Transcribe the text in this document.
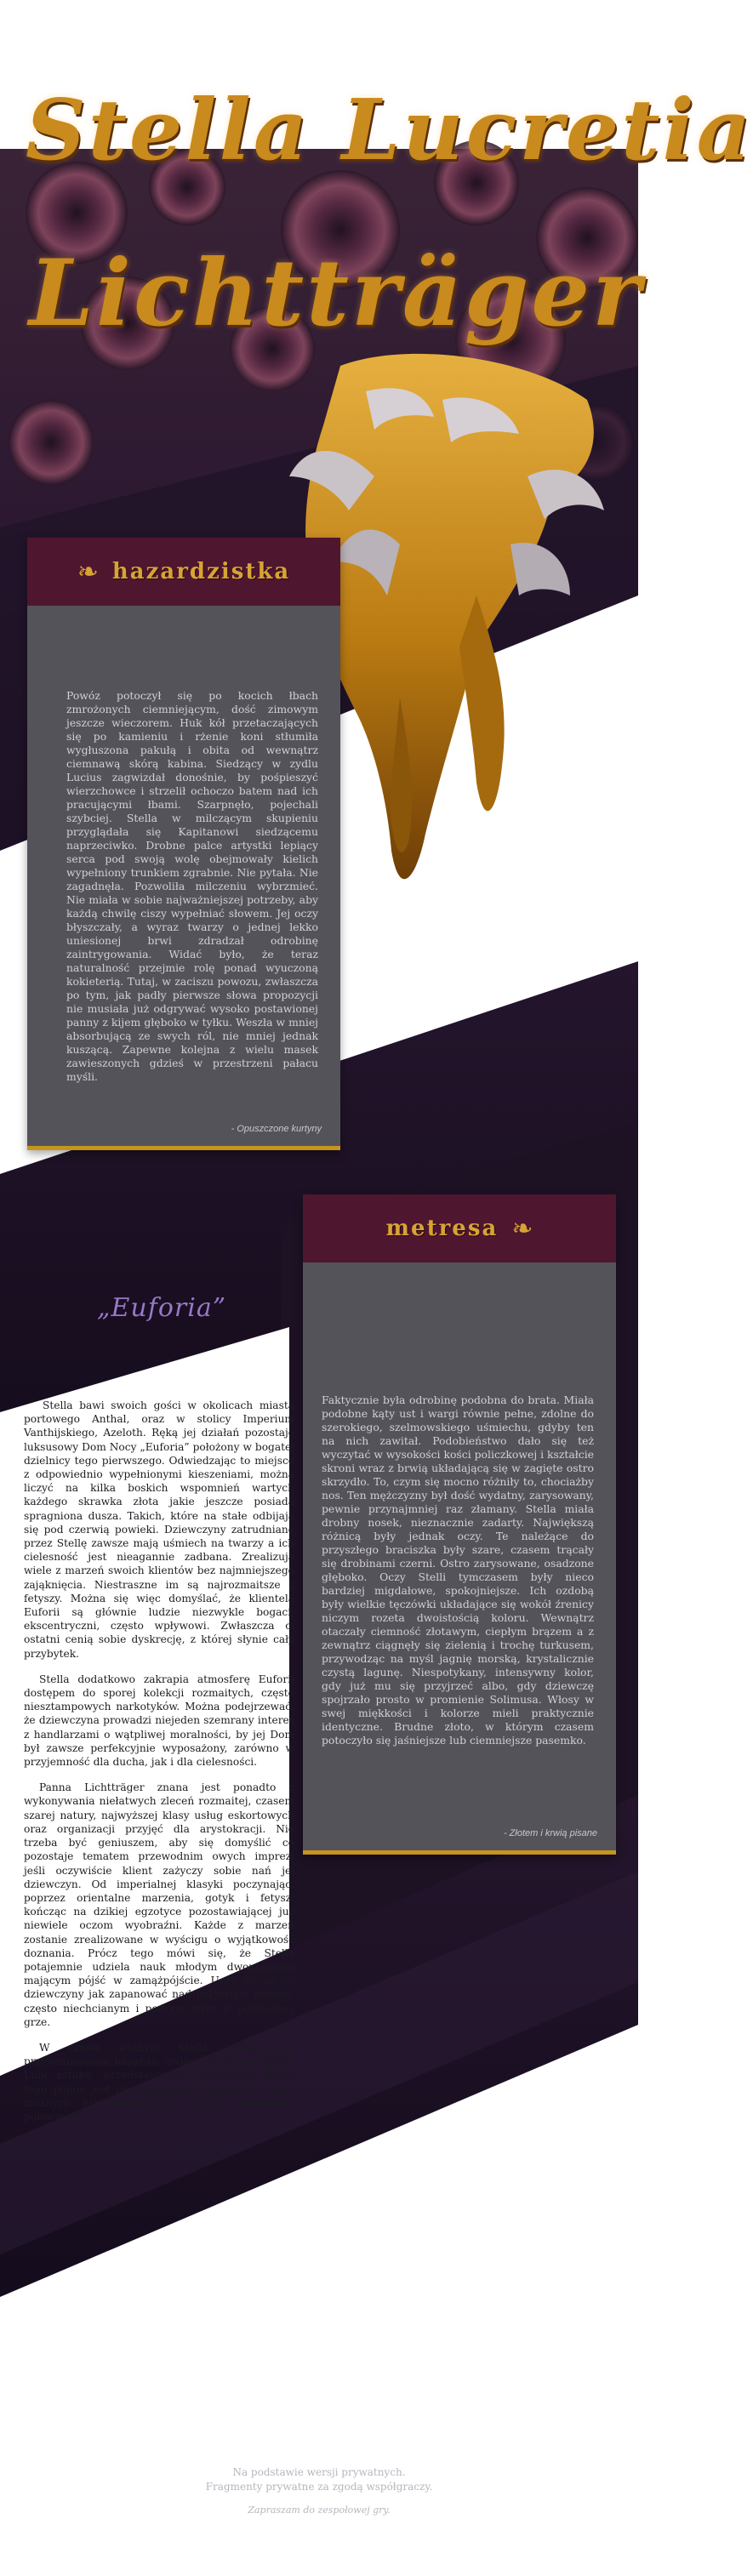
Stella Lucretia
Lichtträger
❧ hazardzistka
Powóz potoczył się po kocich łbach zmrożonych ciemniejącym, dość zimowym jeszcze wieczorem. Huk kół przetaczających się po kamieniu i rżenie koni stłumiła wygłuszona pakułą i obita od wewnątrz ciemnawą skórą kabina. Siedzący w zydlu Lucius zagwizdał donośnie, by pośpieszyć wierzchowce i strzelił ochoczo batem nad ich pracującymi łbami. Szarpnęło, pojechali szybciej. Stella w milczącym skupieniu przyglądała się Kapitanowi siedzącemu naprzeciwko. Drobne palce artystki lepiący serca pod swoją wolę obejmowały kielich wypełniony trunkiem zgrabnie. Nie pytała. Nie zagadnęła. Pozwoliła milczeniu wybrzmieć. Nie miała w sobie najważniejszej potrzeby, aby każdą chwilę ciszy wypełniać słowem. Jej oczy błyszczały, a wyraz twarzy o jednej lekko uniesionej brwi zdradzał odrobinę zaintrygowania. Widać było, że teraz naturalność przejmie rolę ponad wyuczoną kokieterią. Tutaj, w zaciszu powozu, zwłaszcza po tym, jak padły pierwsze słowa propozycji nie musiała już odgrywać wysoko postawionej panny z kijem głęboko w tyłku. Weszła w mniej absorbującą ze swych ról, nie mniej jednak kuszącą. Zapewne kolejna z wielu masek zawieszonych gdzieś w przestrzeni pałacu myśli.
- Opuszczone kurtyny
metresa ❧
Faktycznie była odrobinę podobna do brata. Miała podobne kąty ust i wargi równie pełne, zdolne do szerokiego, szelmowskiego uśmiechu, gdyby ten na nich zawitał. Podobieństwo dało się też wyczytać w wysokości kości policzkowej i kształcie skroni wraz z brwią układającą się w zagięte ostro skrzydło. To, czym się mocno różniły to, chociażby nos. Ten mężczyzny był dość wydatny, zarysowany, pewnie przynajmniej raz złamany. Stella miała drobny nosek, nieznacznie zadarty. Największą różnicą były jednak oczy. Te należące do przyszłego braciszka były szare, czasem trącały się drobinami czerni. Ostro zarysowane, osadzone głęboko. Oczy Stelli tymczasem były nieco bardziej migdałowe, spokojniejsze. Ich ozdobą były wielkie tęczówki układające się wokół źrenicy niczym rozeta dwoistością koloru. Wewnątrz otaczały ciemność złotawym, ciepłym brązem a z zewnątrz ciągnęły się zielenią i trochę turkusem, przywodząc na myśl jagnię morską, krystalicznie czystą lagunę. Niespotykany, intensywny kolor, gdy już mu się przyjrzeć albo, gdy dziewczę spojrzało prosto w promienie Solimusa. Włosy w swej miękkości i kolorze mieli praktycznie identyczne. Brudne złoto, w którym czasem potoczyło się jaśniejsze lub ciemniejsze pasemko.
- Złotem i krwią pisane
„Euforia”

Stella bawi swoich gości w okolicach miasta portowego Anthal, oraz w stolicy Imperium Vanthijskiego, Azeloth. Ręką jej działań pozostaje luksusowy Dom Nocy „Euforia” położony w bogatej dzielnicy tego pierwszego. Odwiedzając to miejsce z odpowiednio wypełnionymi kieszeniami, można liczyć na kilka boskich wspomnień wartych każdego skrawka złota jakie jeszcze posiada spragniona dusza. Takich, które na stałe odbijają się pod czerwią powieki. Dziewczyny zatrudniane przez Stellę zawsze mają uśmiech na twarzy a ich cielesność jest nieagannie zadbana. Zrealizują wiele z marzeń swoich klientów bez najmniejszego zająknięcia. Niestraszne im są najrozmaitsze z fetyszy. Można się więc domyślać, że klientelą Euforii są głównie ludzie niezwykle bogaci, ekscentryczni, często wpływowi. Zwłaszcza ci ostatni cenią sobie dyskrecję, z której słynie cały przybytek.

Stella dodatkowo zakrapia atmosferę Euforii dostępem do sporej kolekcji rozmaitych, często niesztampowych narkotyków. Można podejrzewać, że dziewczyna prowadzi niejeden szemrany interes z handlarzami o wątpliwej moralności, by jej Dom był zawsze perfekcyjnie wyposażony, zarówno w przyjemność dla ducha, jak i dla cielesności.

Panna Lichtträger znana jest ponadto z wykonywania niełatwych zleceń rozmaitej, czasem szarej natury, najwyższej klasy usług eskortowych oraz organizacji przyjęć dla arystokracji. Nie trzeba być geniuszem, aby się domyślić co pozostaje tematem przewodnim owych imprez, jeśli oczywiście klient zażyczy sobie nań jej dziewczyn. Od imperialnej klasyki poczynając, poprzez orientalne marzenia, gotyk i fetysz, kończąc na dzikiej egzotyce pozostawiającej już niewiele oczom wyobraźni. Każde z marzeń zostanie zrealizowane w wyścigu o wyjątkowość doznania. Prócz tego mówi się, że Stella potajemnie udziela nauk młodym dworzankom mającym pójść w zamążpójście. Uczy te młode dziewczyny jak zapanować nad przyszłym mężem, często niechcianym i podrzuconym w politycznej grze.

W czasie wolnym Stella oddaje się przyjemnościom hazardu, zwłaszcza grze w karty. Lubi sztukę, przedstawienia, malarstwo. Prócz tego ponoć jest nienajgorszym strzelcem i wielu możnych już zawstydziła podczas wspólnego polowania.

Na podstawie wersji prywatnych.
Fragmenty prywatne za zgodą współgraczy.
Zapraszam do zespołowej gry.
